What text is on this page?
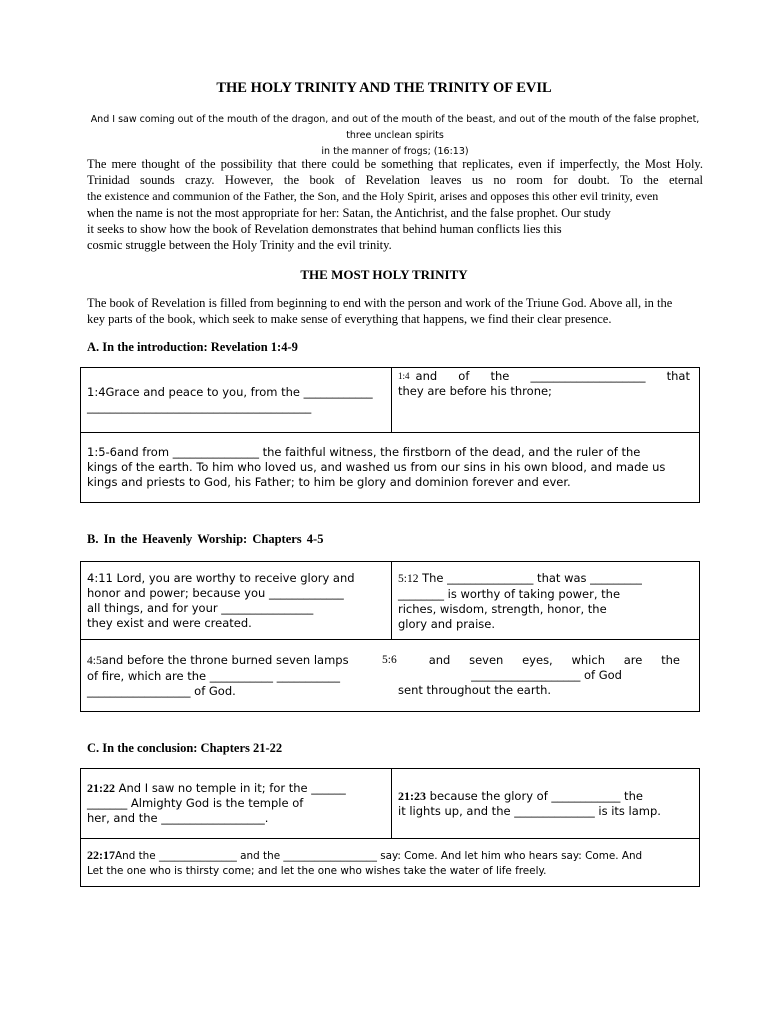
THE HOLY TRINITY AND THE TRINITY OF EVIL
And I saw coming out of the mouth of the dragon, and out of the mouth of the beast, and out of the mouth of the false prophet, three unclean spirits
in the manner of frogs; (16:13)
The mere thought of the possibility that there could be something that replicates, even if imperfectly, the Most Holy.
Trinidad sounds crazy. However, the book of Revelation leaves us no room for doubt. To the eternal
the existence and communion of the Father, the Son, and the Holy Spirit, arises and opposes this other evil trinity, even
when the name is not the most appropriate for her: Satan, the Antichrist, and the false prophet. Our study
it seeks to show how the book of Revelation demonstrates that behind human conflicts lies this
cosmic struggle between the Holy Trinity and the evil trinity.
THE MOST HOLY TRINITY
The book of Revelation is filled from beginning to end with the person and work of the Triune God. Above all, in the
key parts of the book, which seek to make sense of everything that happens, we find their clear presence.
A. In the introduction: Revelation 1:4-9
1:4Grace and peace to you, from the ____________
_______________________________________
1:4 and of the ____________________ that
they are before his throne;
1:5-6and from _______________ the faithful witness, the firstborn of the dead, and the ruler of the
kings of the earth. To him who loved us, and washed us from our sins in his own blood, and made us
kings and priests to God, his Father; to him be glory and dominion forever and ever.
B. In the Heavenly Worship: Chapters 4-5
4:11 Lord, you are worthy to receive glory and
honor and power; because you _____________
all things, and for your ________________
they exist and were created.
5:12 The _______________ that was _________
________ is worthy of taking power, the
riches, wisdom, strength, honor, the
glory and praise.
4:5and before the throne burned seven lamps
of fire, which are the ___________ ___________
__________________ of God.
5:6	and seven eyes, which are the
___________________ of God
sent throughout the earth.
C. In the conclusion: Chapters 21-22
21:22 And I saw no temple in it; for the ______
_______ Almighty God is the temple of
her, and the __________________.
21:23 because the glory of ____________ the
it lights up, and the ______________ is its lamp.
22:17And the _______________ and the __________________ say: Come. And let him who hears say: Come. And
Let the one who is thirsty come; and let the one who wishes take the water of life freely.
